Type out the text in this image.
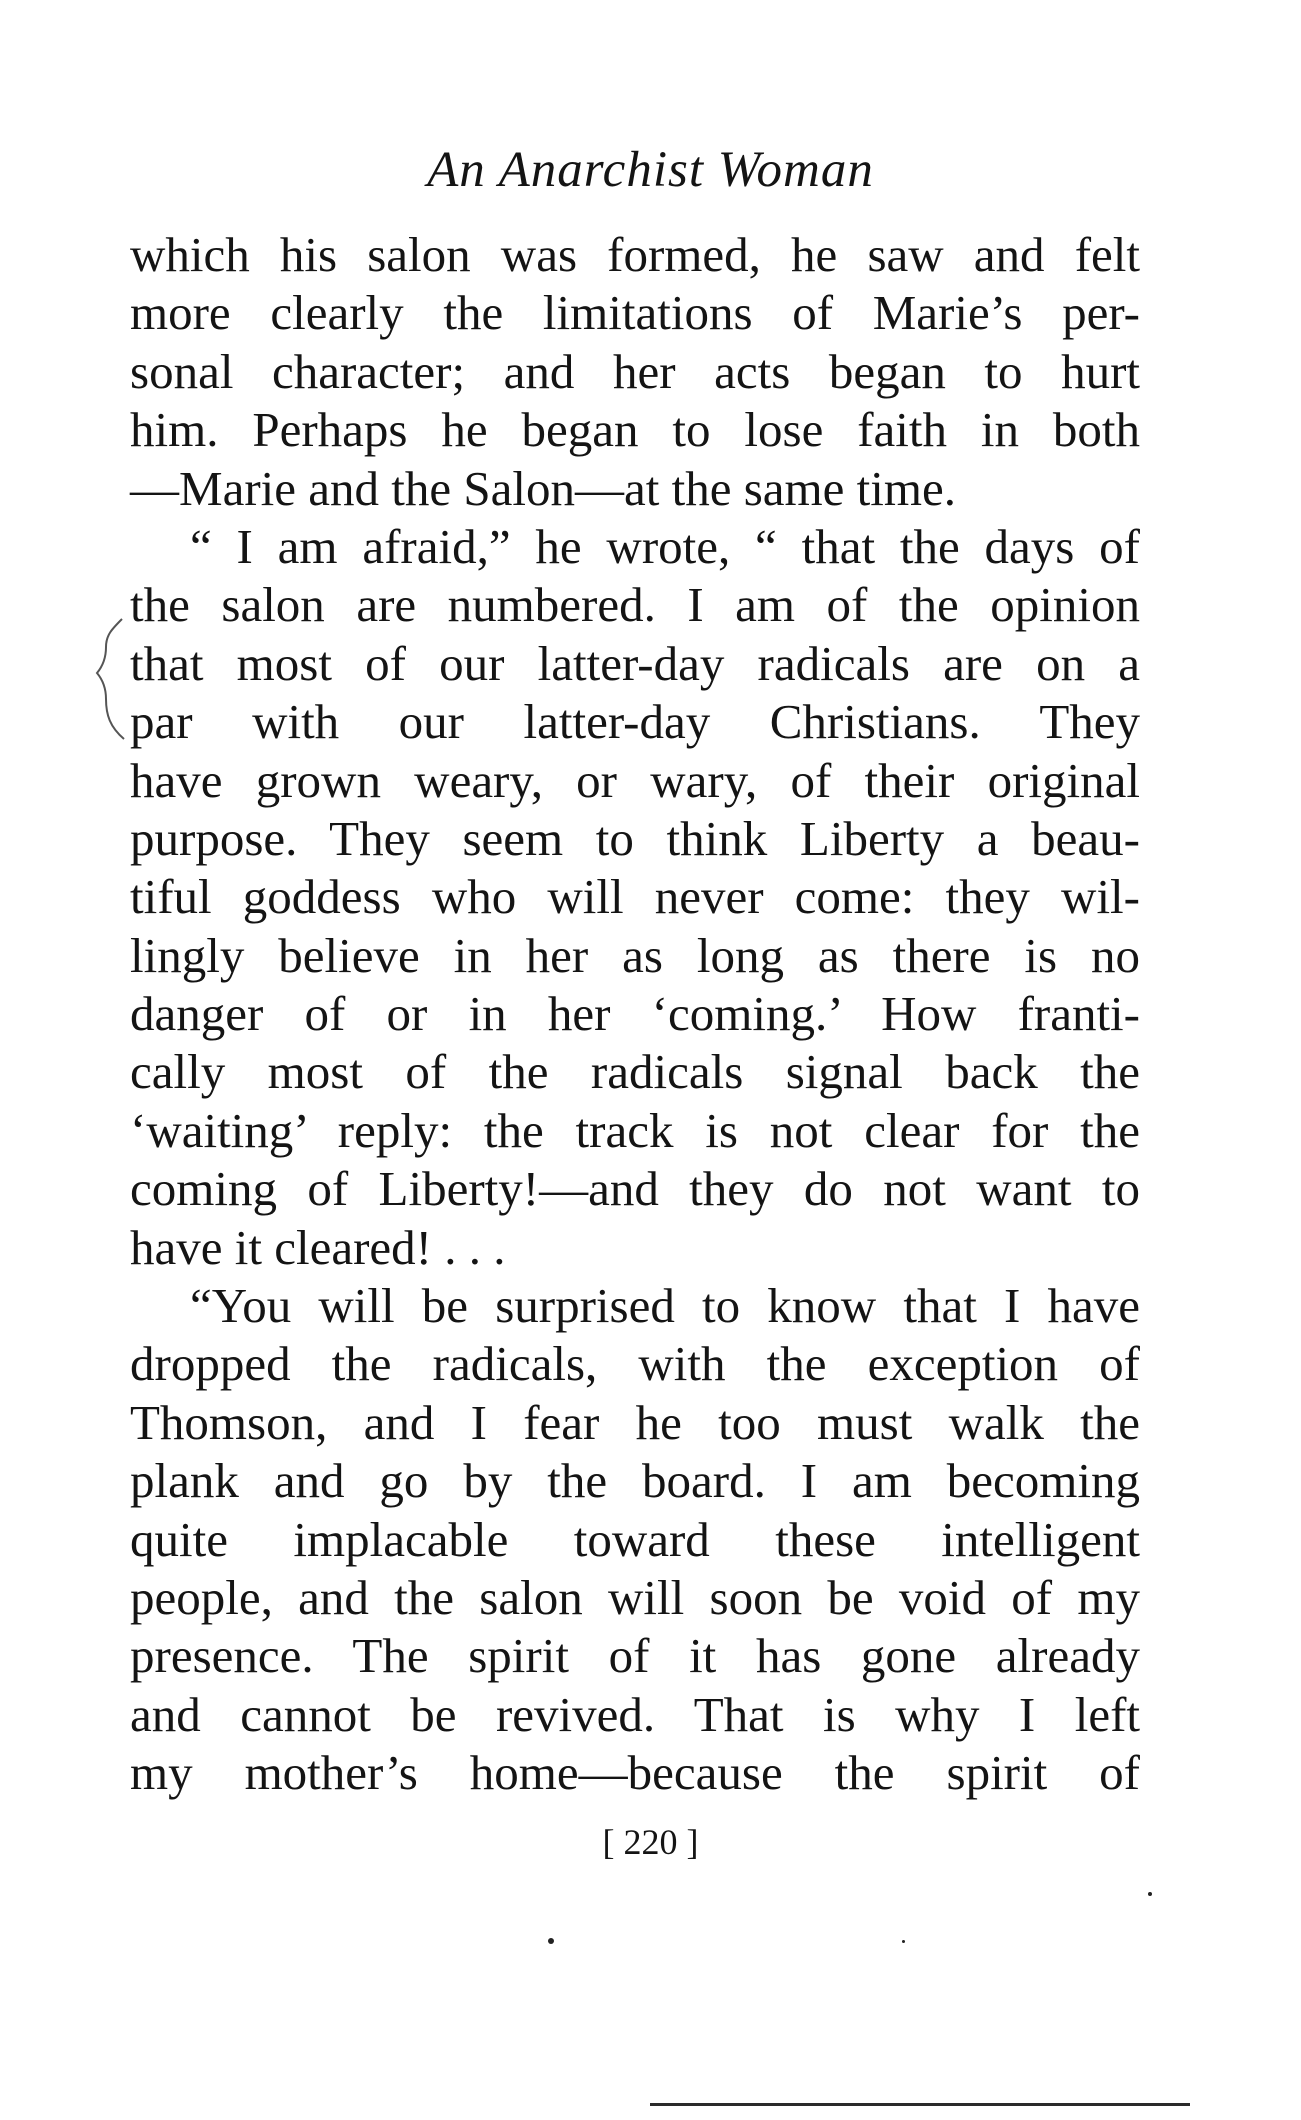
An Anarchist Woman
which his salon was formed, he saw and felt
more clearly the limitations of Marie’s per-
sonal character; and her acts began to hurt
him. Perhaps he began to lose faith in both
—Marie and the Salon—at the same time.
“ I am afraid,” he wrote, “ that the days of
the salon are numbered. I am of the opinion
that most of our latter-day radicals are on a
par with our latter-day Christians. They
have grown weary, or wary, of their original
purpose. They seem to think Liberty a beau-
tiful goddess who will never come: they wil-
lingly believe in her as long as there is no
danger of or in her ‘coming.’ How franti-
cally most of the radicals signal back the
‘waiting’ reply: the track is not clear for the
coming of Liberty!—and they do not want to
have it cleared! . . .
“You will be surprised to know that I have
dropped the radicals, with the exception of
Thomson, and I fear he too must walk the
plank and go by the board. I am becoming
quite implacable toward these intelligent
people, and the salon will soon be void of my
presence. The spirit of it has gone already
and cannot be revived. That is why I left
my mother’s home—because the spirit of
[ 220 ]
